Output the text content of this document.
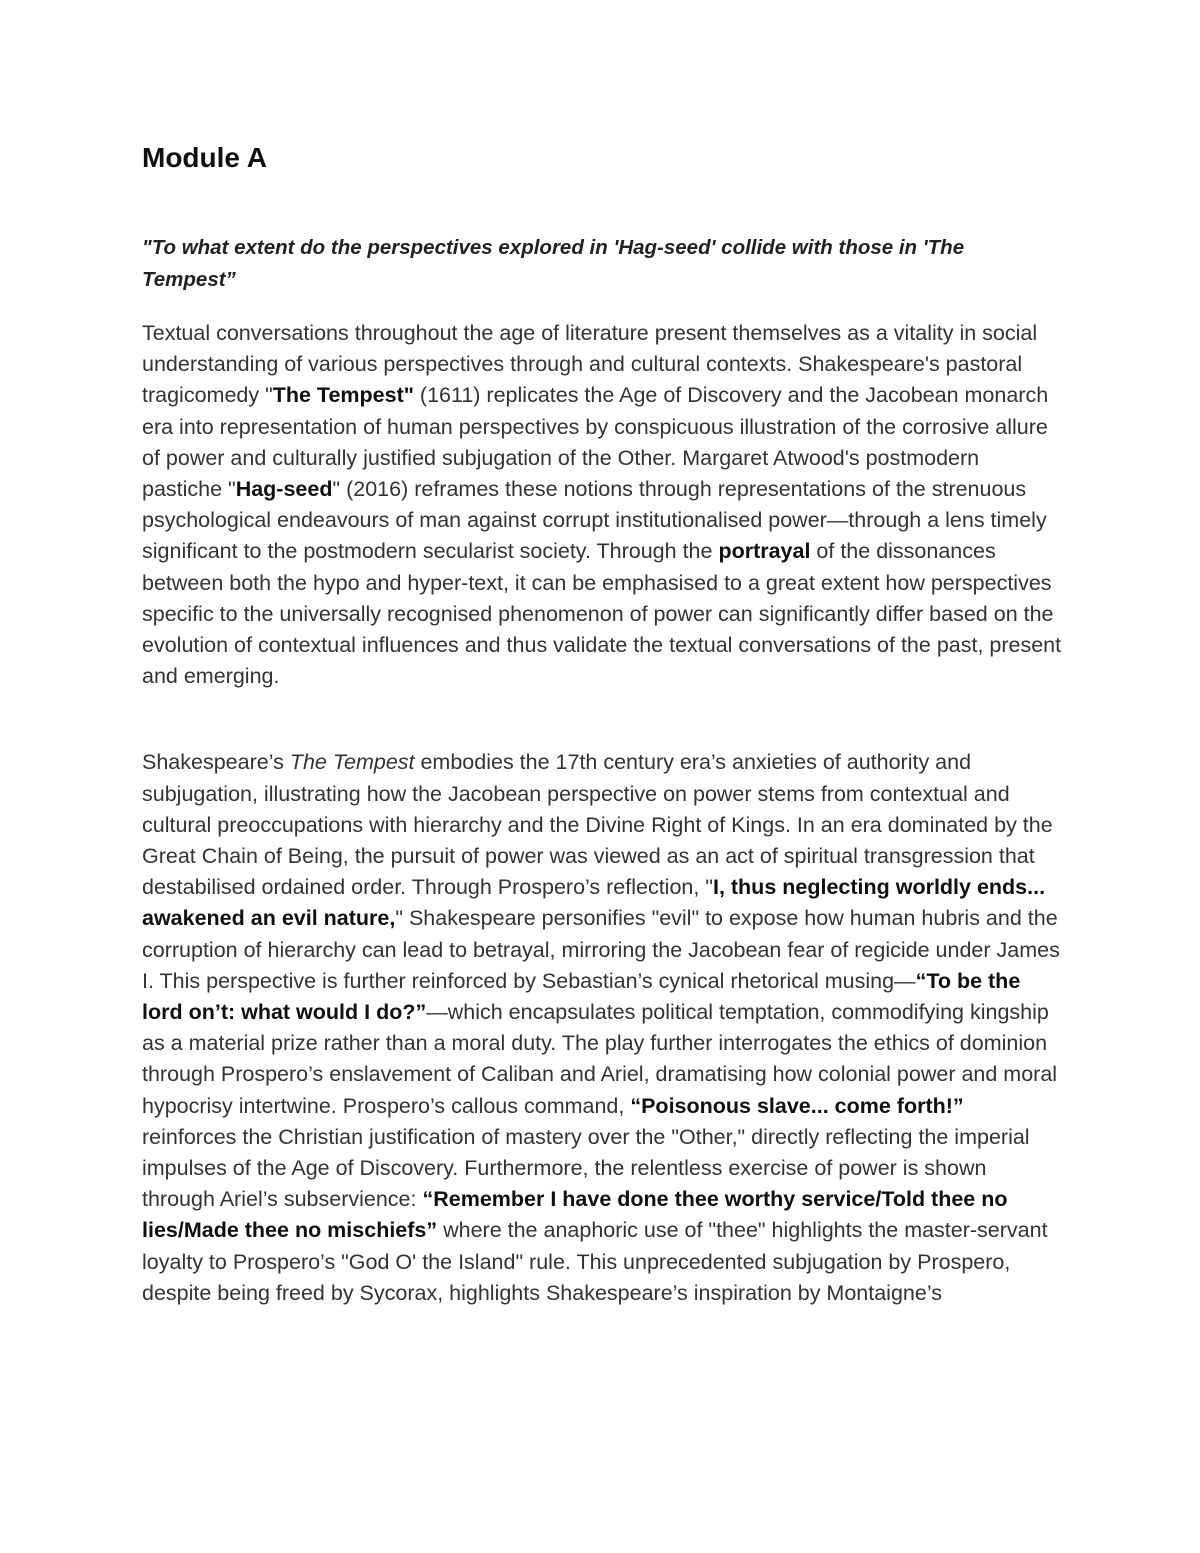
Module A

"To what extent do the perspectives explored in 'Hag-seed' collide with those in 'The Tempest”

Textual conversations throughout the age of literature present themselves as a vitality in social understanding of various perspectives through and cultural contexts. Shakespeare's pastoral tragicomedy "The Tempest" (1611) replicates the Age of Discovery and the Jacobean monarch era into representation of human perspectives by conspicuous illustration of the corrosive allure of power and culturally justified subjugation of the Other. Margaret Atwood's postmodern pastiche "Hag-seed" (2016) reframes these notions through representations of the strenuous psychological endeavours of man against corrupt institutionalised power—through a lens timely significant to the postmodern secularist society. Through the portrayal of the dissonances between both the hypo and hyper-text, it can be emphasised to a great extent how perspectives specific to the universally recognised phenomenon of power can significantly differ based on the evolution of contextual influences and thus validate the textual conversations of the past, present and emerging.

Shakespeare’s The Tempest embodies the 17th century era’s anxieties of authority and subjugation, illustrating how the Jacobean perspective on power stems from contextual and cultural preoccupations with hierarchy and the Divine Right of Kings. In an era dominated by the Great Chain of Being, the pursuit of power was viewed as an act of spiritual transgression that destabilised ordained order. Through Prospero’s reflection, "I, thus neglecting worldly ends... awakened an evil nature," Shakespeare personifies "evil" to expose how human hubris and the corruption of hierarchy can lead to betrayal, mirroring the Jacobean fear of regicide under James I. This perspective is further reinforced by Sebastian’s cynical rhetorical musing—“To be the lord on’t: what would I do?”—which encapsulates political temptation, commodifying kingship as a material prize rather than a moral duty. The play further interrogates the ethics of dominion through Prospero’s enslavement of Caliban and Ariel, dramatising how colonial power and moral hypocrisy intertwine. Prospero’s callous command, “Poisonous slave... come forth!” reinforces the Christian justification of mastery over the "Other," directly reflecting the imperial impulses of the Age of Discovery. Furthermore, the relentless exercise of power is shown through Ariel’s subservience: “Remember I have done thee worthy service/Told thee no lies/Made thee no mischiefs” where the anaphoric use of "thee" highlights the master-servant loyalty to Prospero’s "God O' the Island" rule. This unprecedented subjugation by Prospero, despite being freed by Sycorax, highlights Shakespeare’s inspiration by Montaigne’s
